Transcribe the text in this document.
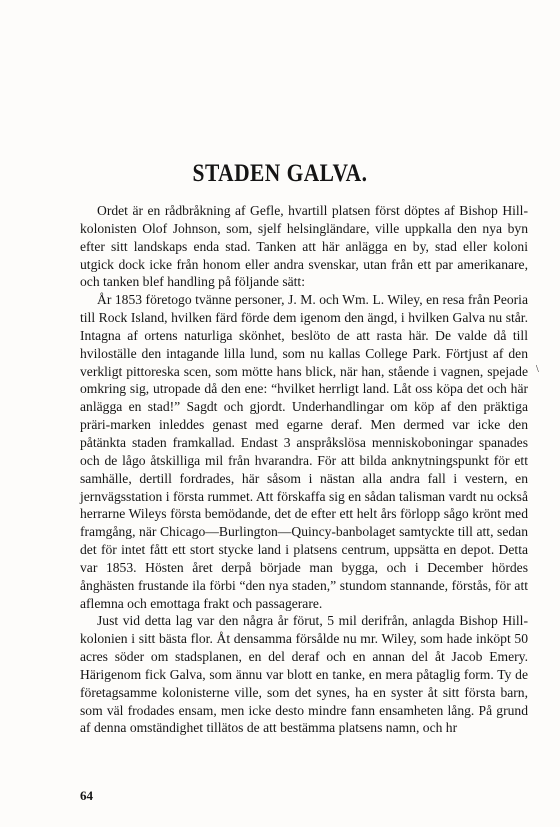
STADEN GALVA.

Ordet är en rådbråkning af Gefle, hvartill platsen först döptes af Bishop Hill-kolonisten Olof Johnson, som, sjelf helsingländare, ville uppkalla den nya byn efter sitt landskaps enda stad. Tanken att här anlägga en by, stad eller koloni utgick dock icke från honom eller andra svenskar, utan från ett par amerikanare, och tanken blef handling på följande sätt:

År 1853 företogo tvänne personer, J. M. och Wm. L. Wiley, en resa från Peoria till Rock Island, hvilken färd förde dem igenom den ängd, i hvilken Galva nu står. Intagna af ortens naturliga skönhet, beslöto de att rasta här. De valde då till hviloställe den intagande lilla lund, som nu kallas College Park. Förtjust af den verkligt pittoreska scen, som mötte hans blick, när han, stående i vagnen, spejade omkring sig, utropade då den ene: “hvilket herrligt land. Låt oss köpa det och här anlägga en stad!” Sagdt och gjordt. Underhandlingar om köp af den präktiga präri-marken inleddes genast med egarne deraf. Men dermed var icke den påtänkta staden framkallad. Endast 3 anspråkslösa menniskoboningar spanades och de lågo åtskilliga mil från hvarandra. För att bilda anknytningspunkt för ett samhälle, dertill fordrades, här såsom i nästan alla andra fall i vestern, en jernvägsstation i första rummet. Att förskaffa sig en sådan talisman vardt nu också herrarne Wileys första bemödande, det de efter ett helt års förlopp sågo krönt med framgång, när Chicago—Burlington—Quincy-banbolaget samtyckte till att, sedan det för intet fått ett stort stycke land i platsens centrum, uppsätta en depot. Detta var 1853. Hösten året derpå började man bygga, och i December hördes ånghästen frustande ila förbi “den nya staden,” stundom stannande, förstås, för att aflemna och emottaga frakt och passagerare.

Just vid detta lag var den några år förut, 5 mil derifrån, anlagda Bishop Hill-kolonien i sitt bästa flor. Åt densamma försålde nu mr. Wiley, som hade inköpt 50 acres söder om stadsplanen, en del deraf och en annan del åt Jacob Emery. Härigenom fick Galva, som ännu var blott en tanke, en mera påtaglig form. Ty de företagsamme kolonisterne ville, som det synes, ha en syster åt sitt första barn, som väl frodades ensam, men icke desto mindre fann ensamheten lång. På grund af denna omständighet tillätos de att bestämma platsens namn, och hr

\
64
